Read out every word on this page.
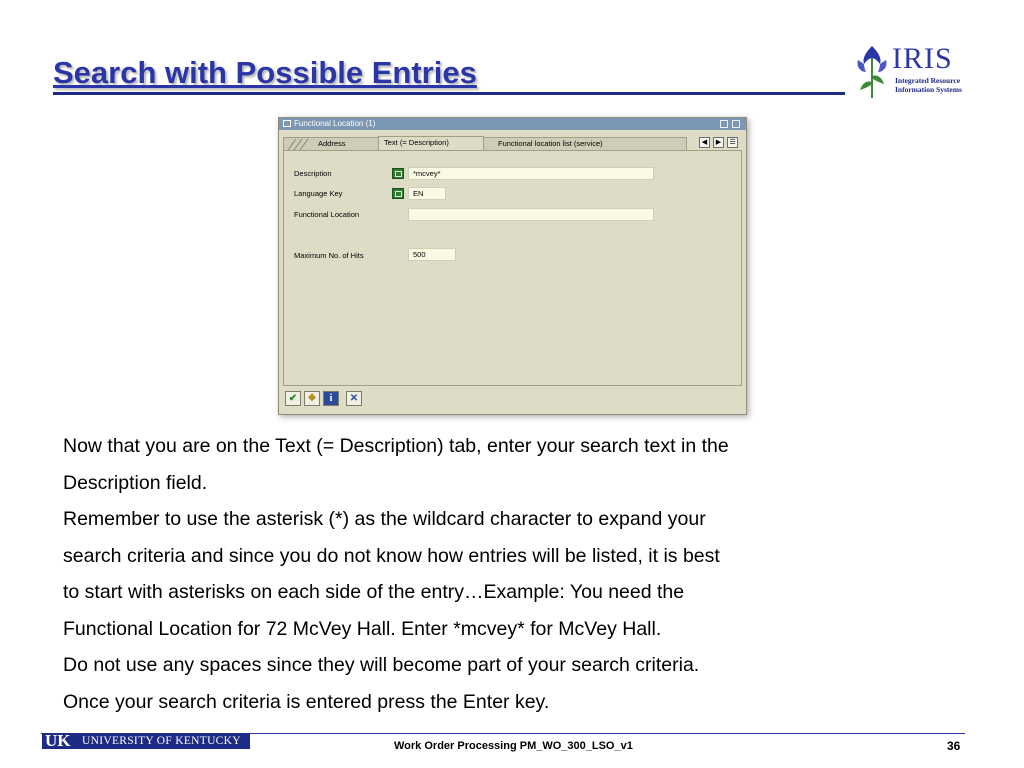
Search with Possible Entries	IRIS
Integrated Resource
Information Systems
Functional Location (1)
Address	Text (= Description)	Functional location list (service)	◀	▶	☰
Description	*mcvey*
Language Key	EN
Functional Location
Maximum No. of Hits	500
✔	❖	i	✕

Now that you are on the Text (= Description) tab, enter your search text in the

Description field.

Remember to use the asterisk (*) as the wildcard character to expand your

search criteria and since you do not know how entries will be listed, it is best

to start with asterisks on each side of the entry…Example: You need the

Functional Location for 72 McVey Hall. Enter *mcvey* for McVey Hall.

Do not use any spaces since they will become part of your search criteria.

Once your search criteria is entered press the Enter key.

UK UNIVERSITY OF KENTUCKY	Work Order Processing PM_WO_300_LSO_v1	36
